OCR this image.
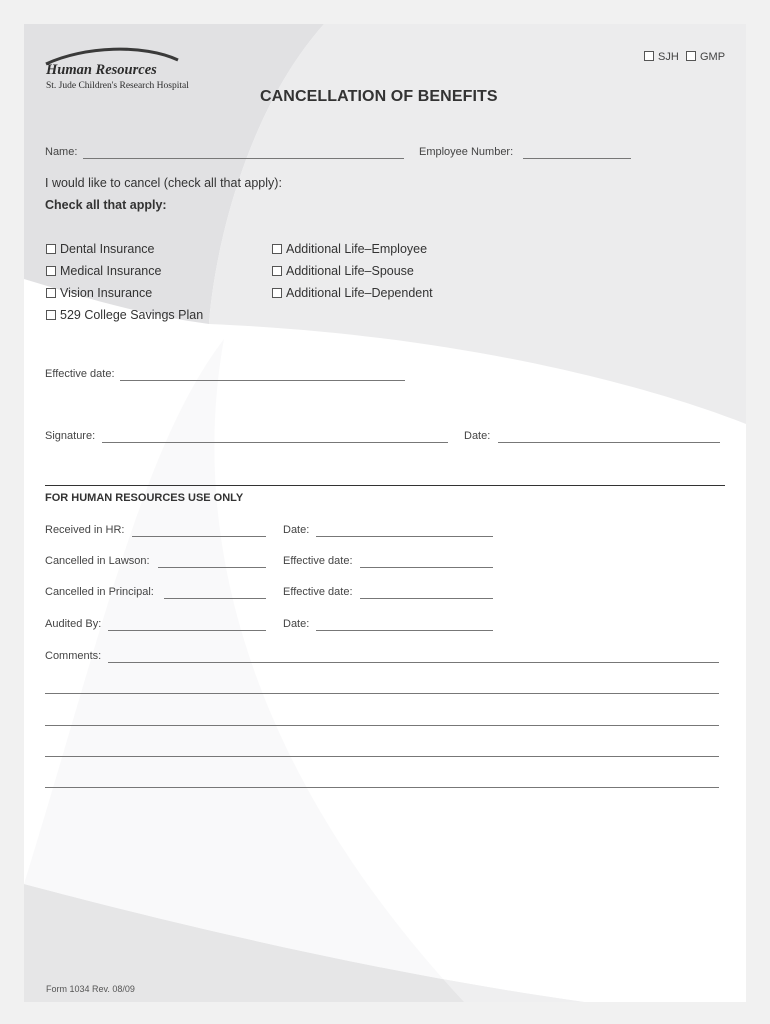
Human Resources
St. Jude Children's Research Hospital
SJH	GMP
CANCELLATION OF BENEFITS
Name:	Employee Number:
I would like to cancel (check all that apply):
Check all that apply:
Dental Insurance
Medical Insurance
Vision Insurance
529 College Savings Plan
Additional Life–Employee
Additional Life–Spouse
Additional Life–Dependent
Effective date:
Signature:	Date:
FOR HUMAN RESOURCES USE ONLY
Received in HR:	Date:
Cancelled in Lawson:	Effective date:
Cancelled in Principal:	Effective date:
Audited By:	Date:
Comments:
Form 1034 Rev. 08/09
